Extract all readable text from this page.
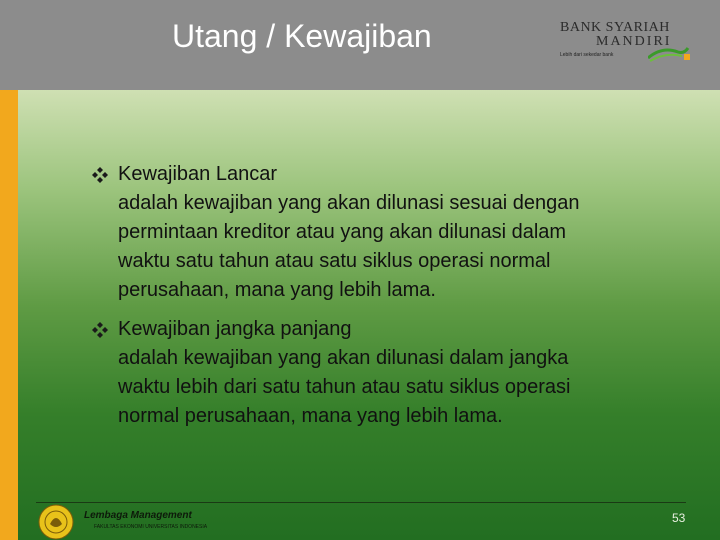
Utang / Kewajiban	BANK SYARIAH
MANDIRI
Lebih dari sekedar bank
Kewajiban Lancar
adalah kewajiban yang akan dilunasi sesuai dengan
permintaan kreditor atau yang akan dilunasi dalam
waktu satu tahun atau satu siklus operasi normal
perusahaan, mana yang lebih lama.
Kewajiban jangka panjang
adalah kewajiban yang akan dilunasi dalam jangka
waktu lebih dari satu tahun atau satu siklus operasi
normal perusahaan, mana yang lebih lama.
Lembaga Management
FAKULTAS EKONOMI UNIVERSITAS INDONESIA
53
